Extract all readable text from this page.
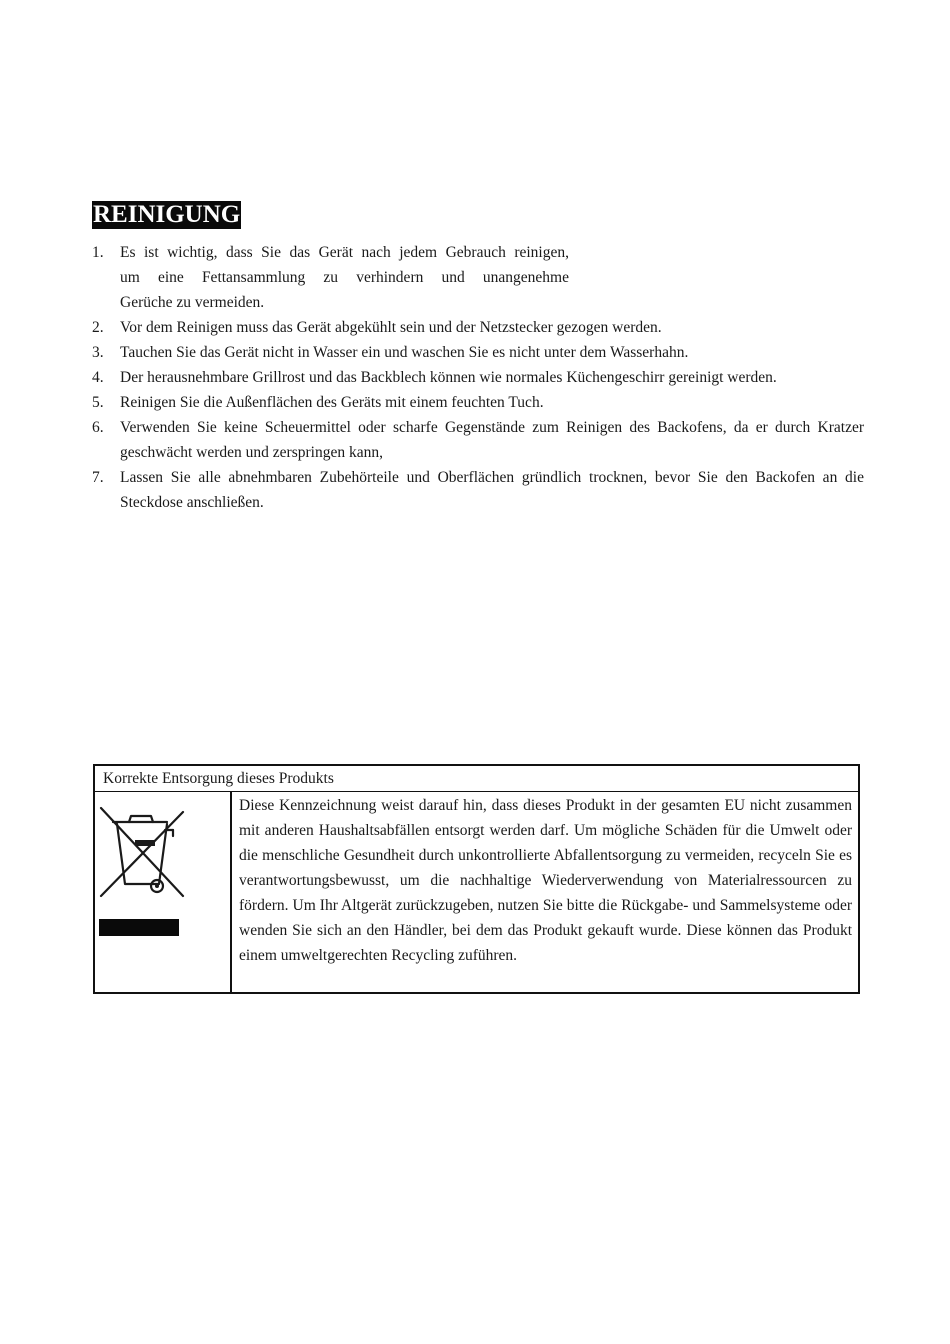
REINIGUNG
1. Es ist wichtig, dass Sie das Gerät nach jedem Gebrauch reinigen,
um eine Fettansammlung zu verhindern und unangenehme
Gerüche zu vermeiden.
2. Vor dem Reinigen muss das Gerät abgekühlt sein und der Netzstecker gezogen werden.
3. Tauchen Sie das Gerät nicht in Wasser ein und waschen Sie es nicht unter dem Wasserhahn.
4. Der herausnehmbare Grillrost und das Backblech können wie normales Küchengeschirr gereinigt werden.
5. Reinigen Sie die Außenflächen des Geräts mit einem feuchten Tuch.
6. Verwenden Sie keine Scheuermittel oder scharfe Gegenstände zum Reinigen des Backofens, da er durch Kratzer geschwächt werden und zerspringen kann,
7. Lassen Sie alle abnehmbaren Zubehörteile und Oberflächen gründlich trocknen, bevor Sie den Backofen an die Steckdose anschließen.
Korrekte Entsorgung dieses Produkts
Diese Kennzeichnung weist darauf hin, dass dieses Produkt in der gesamten EU nicht zusammen mit anderen Haushaltsabfällen entsorgt werden darf. Um mögliche Schäden für die Umwelt oder die menschliche Gesundheit durch unkontrollierte Abfallentsorgung zu vermeiden, recyceln Sie es verantwortungsbewusst, um die nachhaltige Wiederverwendung von Materialressourcen zu fördern. Um Ihr Altgerät zurückzugeben, nutzen Sie bitte die Rückgabe- und Sammelsysteme oder wenden Sie sich an den Händler, bei dem das Produkt gekauft wurde. Diese können das Produkt einem umweltgerechten Recycling zuführen.
